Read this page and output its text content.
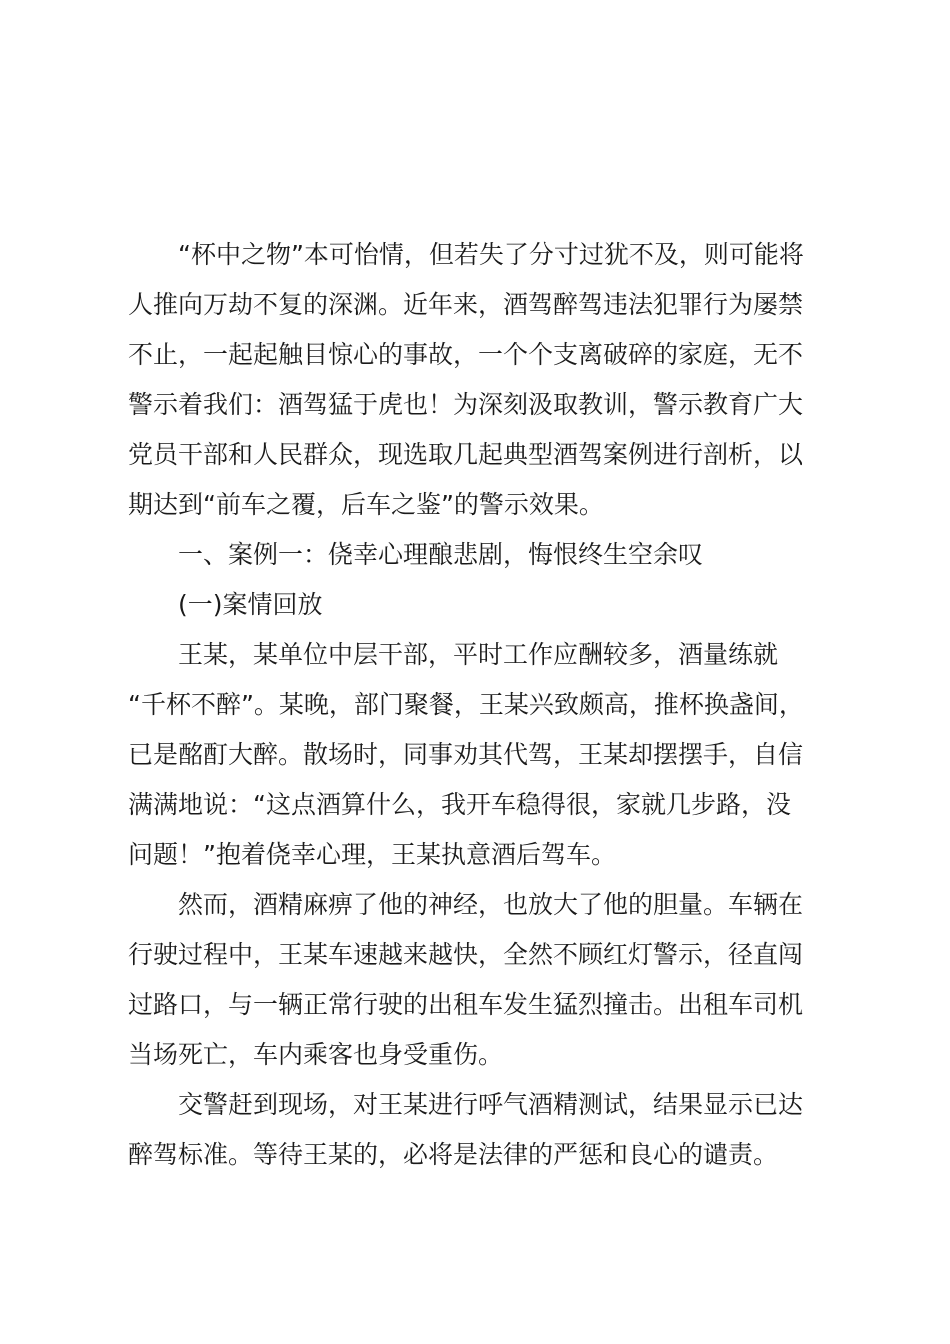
“杯中之物”本可怡情，但若失了分寸过犹不及，则可能将
人推向万劫不复的深渊。近年来，酒驾醉驾违法犯罪行为屡禁
不止，一起起触目惊心的事故，一个个支离破碎的家庭，无不
警示着我们：酒驾猛于虎也！为深刻汲取教训，警示教育广大
党员干部和人民群众，现选取几起典型酒驾案例进行剖析，以
期达到“前车之覆，后车之鉴”的警示效果。
一、案例一：侥幸心理酿悲剧，悔恨终生空余叹
(一)案情回放
王某，某单位中层干部，平时工作应酬较多，酒量练就
“千杯不醉”。某晚，部门聚餐，王某兴致颇高，推杯换盏间，
已是酩酊大醉。散场时，同事劝其代驾，王某却摆摆手，自信
满满地说：“这点酒算什么，我开车稳得很，家就几步路，没
问题！”抱着侥幸心理，王某执意酒后驾车。
然而，酒精麻痹了他的神经，也放大了他的胆量。车辆在
行驶过程中，王某车速越来越快，全然不顾红灯警示，径直闯
过路口，与一辆正常行驶的出租车发生猛烈撞击。出租车司机
当场死亡，车内乘客也身受重伤。
交警赶到现场，对王某进行呼气酒精测试，结果显示已达
醉驾标准。等待王某的，必将是法律的严惩和良心的谴责。
